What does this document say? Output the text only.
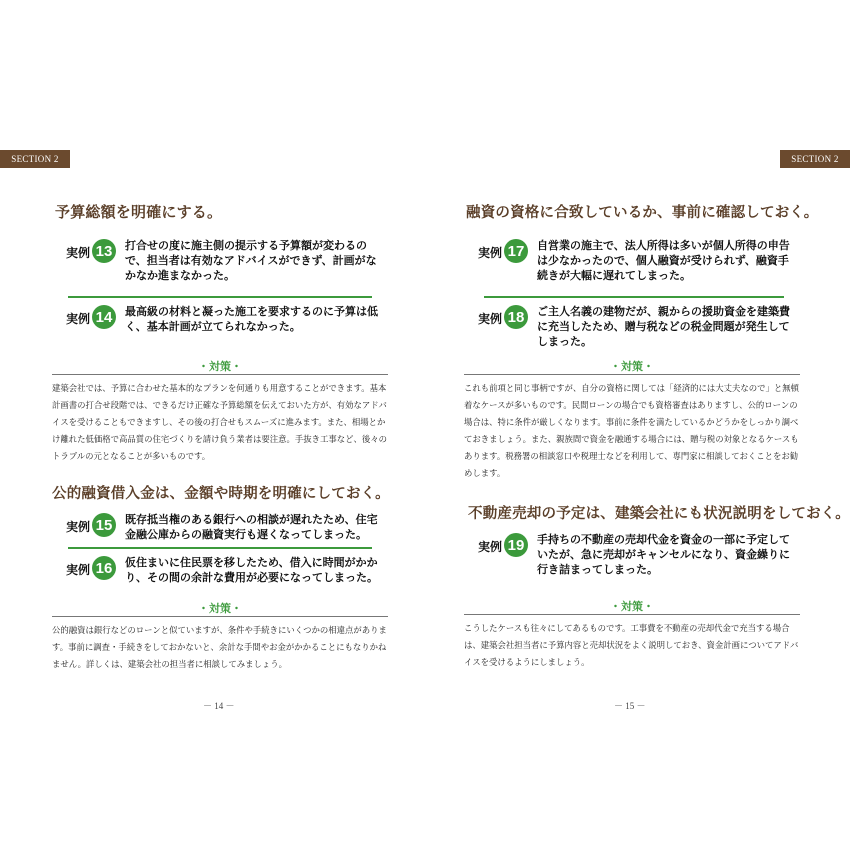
SECTION 2	SECTION 2
予算総額を明確にする。
実例 13	打合せの度に施主側の提示する予算額が変わるので、担当者は有効なアドバイスができず、計画がなかなか進まなかった。
実例 14	最高級の材料と凝った施工を要求するのに予算は低く、基本計画が立てられなかった。
・対策・
建築会社では、予算に合わせた基本的なプランを何通りも用意することができます。基本計画書の打合せ段階では、できるだけ正確な予算総額を伝えておいた方が、有効なアドバイスを受けることもできますし、その後の打合せもスムーズに進みます。また、相場とかけ離れた低価格で高品質の住宅づくりを請け負う業者は要注意。手抜き工事など、後々のトラブルの元となることが多いものです。
公的融資借入金は、金額や時期を明確にしておく。
実例 15	既存抵当権のある銀行への相談が遅れたため、住宅金融公庫からの融資実行も遅くなってしまった。
実例 16	仮住まいに住民票を移したため、借入に時間がかかり、その間の余計な費用が必要になってしまった。
・対策・
公的融資は銀行などのローンと似ていますが、条件や手続きにいくつかの相違点があります。事前に調査・手続きをしておかないと、余計な手間やお金がかかることにもなりかねません。詳しくは、建築会社の担当者に相談してみましょう。
－ 14 －
融資の資格に合致しているか、事前に確認しておく。
実例 17	自営業の施主で、法人所得は多いが個人所得の申告は少なかったので、個人融資が受けられず、融資手続きが大幅に遅れてしまった。
実例 18	ご主人名義の建物だが、親からの援助資金を建築費に充当したため、贈与税などの税金問題が発生してしまった。
・対策・
これも前項と同じ事柄ですが、自分の資格に関しては「経済的には大丈夫なので」と無頓着なケースが多いものです。民間ローンの場合でも資格審査はありますし、公的ローンの場合は、特に条件が厳しくなります。事前に条件を満たしているかどうかをしっかり調べておきましょう。また、親族間で資金を融通する場合には、贈与税の対象となるケースもあります。税務署の相談窓口や税理士などを利用して、専門家に相談しておくことをお勧めします。
不動産売却の予定は、建築会社にも状況説明をしておく。
実例 19	手持ちの不動産の売却代金を資金の一部に予定していたが、急に売却がキャンセルになり、資金繰りに行き詰まってしまった。
・対策・
こうしたケースも往々にしてあるものです。工事費を不動産の売却代金で充当する場合は、建築会社担当者に予算内容と売却状況をよく説明しておき、資金計画についてアドバイスを受けるようにしましょう。
－ 15 －
